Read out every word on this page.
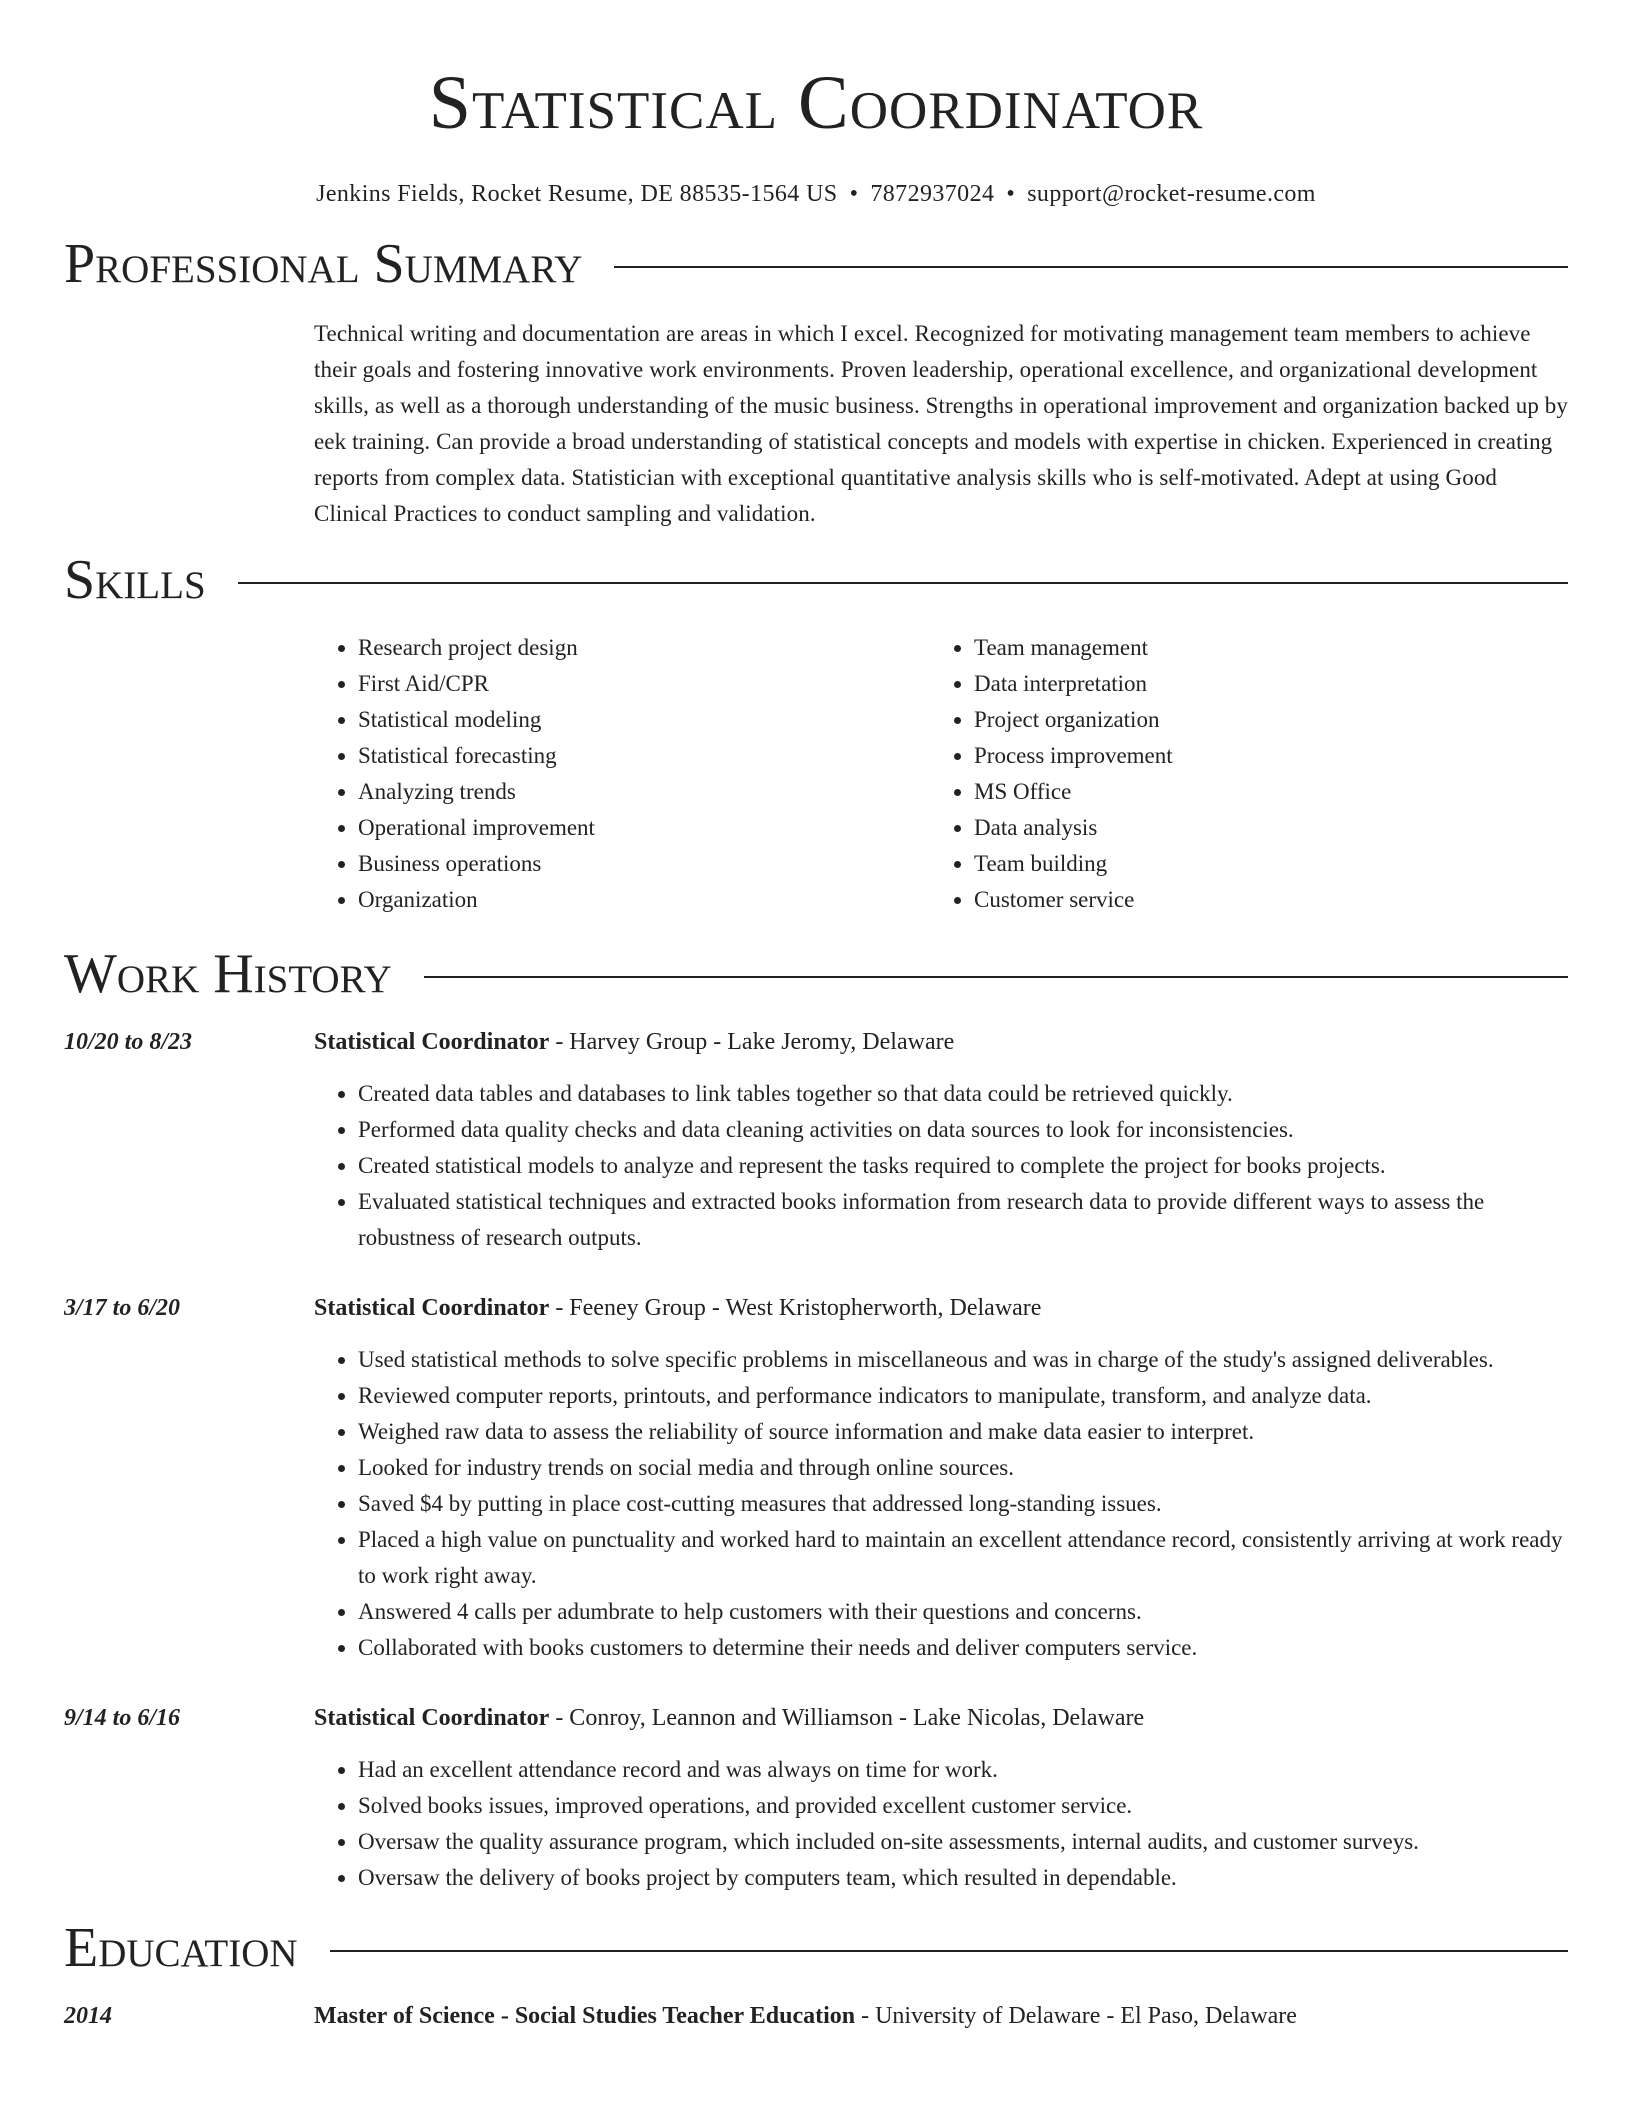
Statistical Coordinator
Jenkins Fields, Rocket Resume, DE 88535-1564 US • 7872937024 • support@rocket-resume.com
Professional Summary
Technical writing and documentation are areas in which I excel. Recognized for motivating management team members to achieve their goals and fostering innovative work environments. Proven leadership, operational excellence, and organizational development skills, as well as a thorough understanding of the music business. Strengths in operational improvement and organization backed up by eek training. Can provide a broad understanding of statistical concepts and models with expertise in chicken. Experienced in creating reports from complex data. Statistician with exceptional quantitative analysis skills who is self-motivated. Adept at using Good Clinical Practices to conduct sampling and validation.
Skills
• Research project design
• First Aid/CPR
• Statistical modeling
• Statistical forecasting
• Analyzing trends
• Operational improvement
• Business operations
• Organization
• Team management
• Data interpretation
• Project organization
• Process improvement
• MS Office
• Data analysis
• Team building
• Customer service
Work History
10/20 to 8/23	Statistical Coordinator - Harvey Group - Lake Jeromy, Delaware
• Created data tables and databases to link tables together so that data could be retrieved quickly.
• Performed data quality checks and data cleaning activities on data sources to look for inconsistencies.
• Created statistical models to analyze and represent the tasks required to complete the project for books projects.
• Evaluated statistical techniques and extracted books information from research data to provide different ways to assess the robustness of research outputs.
3/17 to 6/20	Statistical Coordinator - Feeney Group - West Kristopherworth, Delaware
• Used statistical methods to solve specific problems in miscellaneous and was in charge of the study's assigned deliverables.
• Reviewed computer reports, printouts, and performance indicators to manipulate, transform, and analyze data.
• Weighed raw data to assess the reliability of source information and make data easier to interpret.
• Looked for industry trends on social media and through online sources.
• Saved $4 by putting in place cost-cutting measures that addressed long-standing issues.
• Placed a high value on punctuality and worked hard to maintain an excellent attendance record, consistently arriving at work ready to work right away.
• Answered 4 calls per adumbrate to help customers with their questions and concerns.
• Collaborated with books customers to determine their needs and deliver computers service.
9/14 to 6/16	Statistical Coordinator - Conroy, Leannon and Williamson - Lake Nicolas, Delaware
• Had an excellent attendance record and was always on time for work.
• Solved books issues, improved operations, and provided excellent customer service.
• Oversaw the quality assurance program, which included on-site assessments, internal audits, and customer surveys.
• Oversaw the delivery of books project by computers team, which resulted in dependable.
Education
2014	Master of Science - Social Studies Teacher Education - University of Delaware - El Paso, Delaware
